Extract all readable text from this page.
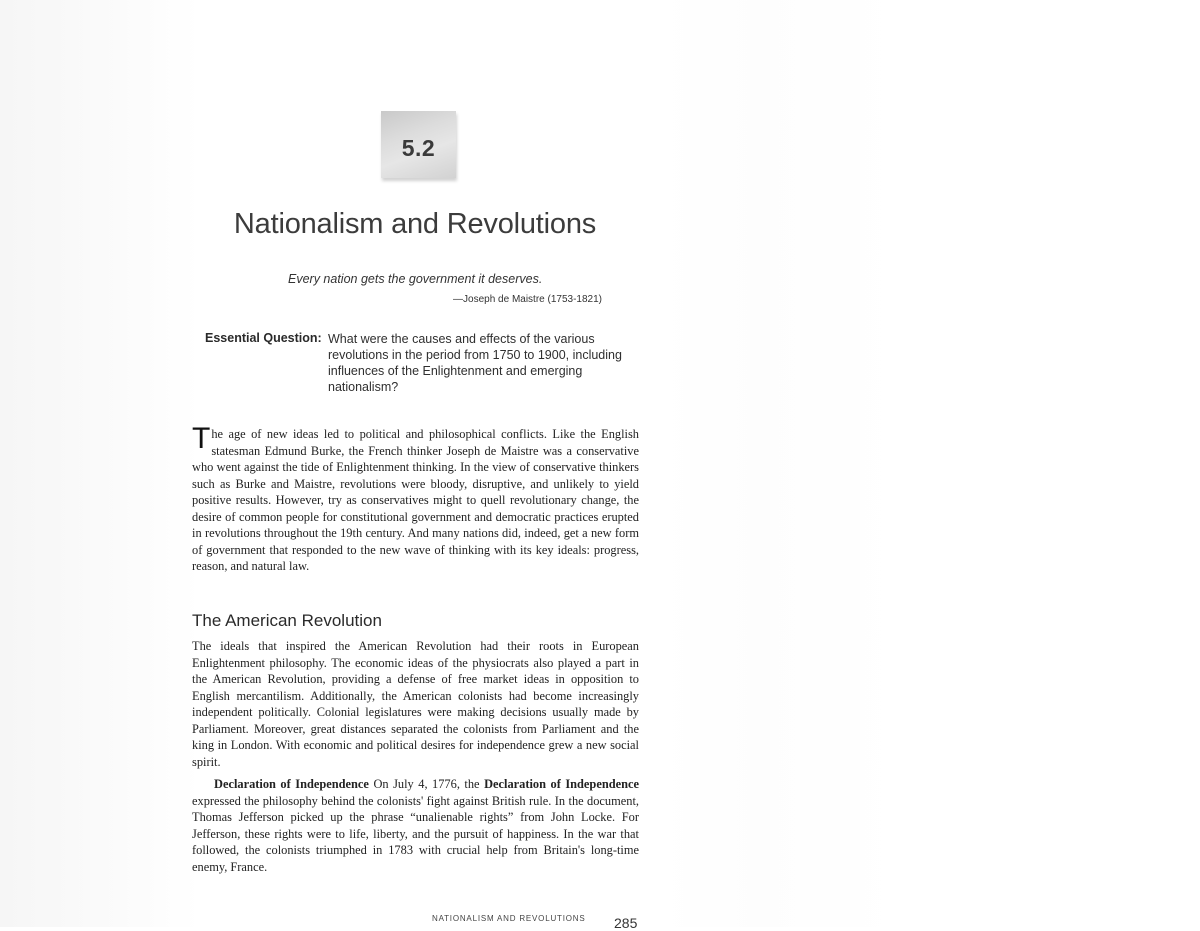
5.2
Nationalism and Revolutions
Every nation gets the government it deserves.
—Joseph de Maistre (1753-1821)
Essential Question: What were the causes and effects of the various revolutions in the period from 1750 to 1900, including influences of the Enlightenment and emerging nationalism?

The age of new ideas led to political and philosophical conflicts. Like the English statesman Edmund Burke, the French thinker Joseph de Maistre was a conservative who went against the tide of Enlightenment thinking. In the view of conservative thinkers such as Burke and Maistre, revolutions were bloody, disruptive, and unlikely to yield positive results. However, try as conservatives might to quell revolutionary change, the desire of common people for constitutional government and democratic practices erupted in revolutions throughout the 19th century. And many nations did, indeed, get a new form of government that responded to the new wave of thinking with its key ideals: progress, reason, and natural law.

The American Revolution

The ideals that inspired the American Revolution had their roots in European Enlightenment philosophy. The economic ideas of the physiocrats also played a part in the American Revolution, providing a defense of free market ideas in opposition to English mercantilism. Additionally, the American colonists had become increasingly independent politically. Colonial legislatures were making decisions usually made by Parliament. Moreover, great distances separated the colonists from Parliament and the king in London. With economic and political desires for independence grew a new social spirit.

Declaration of Independence On July 4, 1776, the Declaration of Independence expressed the philosophy behind the colonists' fight against British rule. In the document, Thomas Jefferson picked up the phrase “unalienable rights” from John Locke. For Jefferson, these rights were to life, liberty, and the pursuit of happiness. In the war that followed, the colonists triumphed in 1783 with crucial help from Britain's long-time enemy, France.

NATIONALISM AND REVOLUTIONS 285
